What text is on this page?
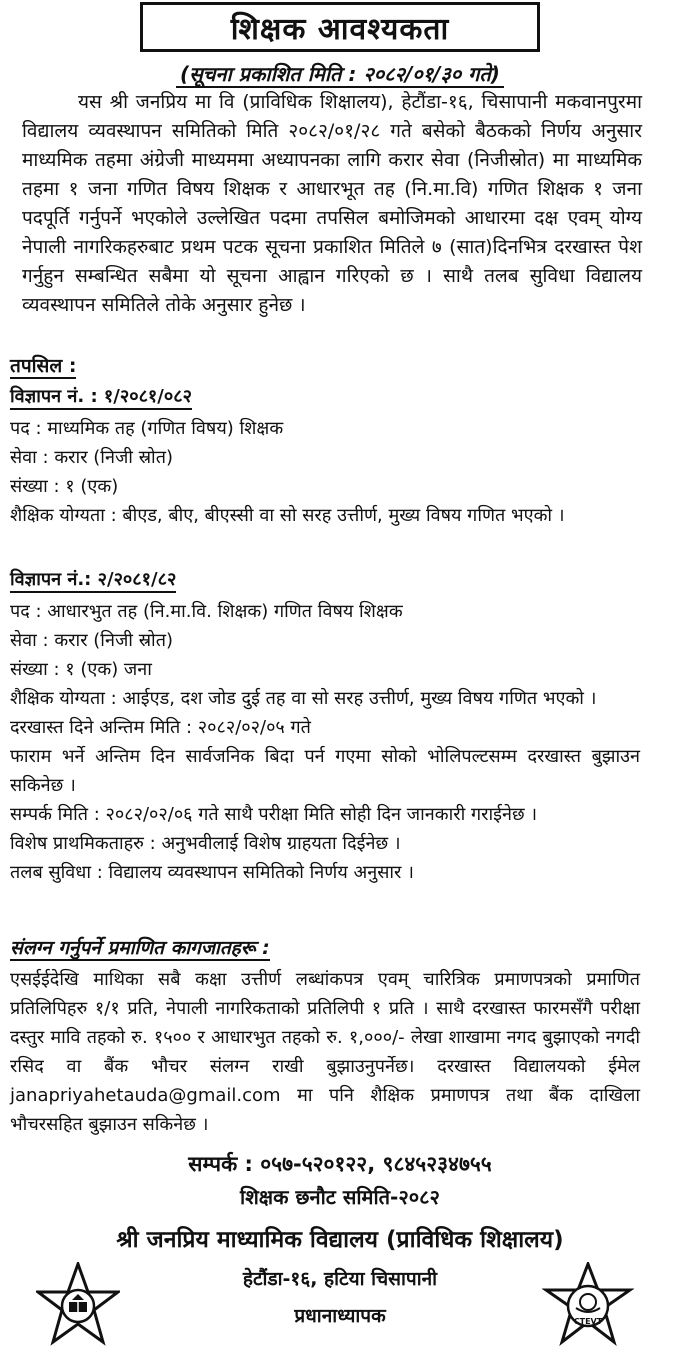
शिक्षक आवश्यकता
(सूचना प्रकाशित मिति : २०८२/०१/३० गते)

यस श्री जनप्रिय मा वि (प्राविधिक शिक्षालय), हेटौंडा-१६, चिसापानी मकवानपुरमा विद्यालय व्यवस्थापन समितिको मिति २०८२/०१/२८ गते बसेको बैठकको निर्णय अनुसार माध्यमिक तहमा अंग्रेजी माध्यममा अध्यापनका लागि करार सेवा (निजीस्रोत) मा माध्यमिक तहमा १ जना गणित विषय शिक्षक र आधारभूत तह (नि.मा.वि) गणित शिक्षक १ जना पदपूर्ति गर्नुपर्ने भएकोले उल्लेखित पदमा तपसिल बमोजिमको आधारमा दक्ष एवम् योग्य नेपाली नागरिकहरुबाट प्रथम पटक सूचना प्रकाशित मितिले ७ (सात)दिनभित्र दरखास्त पेश गर्नुहुन सम्बन्धित सबैमा यो सूचना आह्वान गरिएको छ । साथै तलब सुविधा विद्यालय व्यवस्थापन समितिले तोके अनुसार हुनेछ ।

तपसिल :
विज्ञापन नं. : १/२०८१/०८२

पद : माध्यमिक तह (गणित विषय) शिक्षक

सेवा : करार (निजी स्रोत)

संख्या : १ (एक)

शैक्षिक योग्यता : बीएड, बीए, बीएस्सी वा सो सरह उत्तीर्ण, मुख्य विषय गणित भएको ।

विज्ञापन नं.: २/२०८१/८२

पद : आधारभुत तह (नि.मा.वि. शिक्षक) गणित विषय शिक्षक

सेवा : करार (निजी स्रोत)

संख्या : १ (एक) जना

शैक्षिक योग्यता : आईएड, दश जोड दुई तह वा सो सरह उत्तीर्ण, मुख्य विषय गणित भएको ।

दरखास्त दिने अन्तिम मिति : २०८२/०२/०५ गते

फाराम भर्ने अन्तिम दिन सार्वजनिक बिदा पर्न गएमा सोको भोलिपल्टसम्म दरखास्त बुझाउन सकिनेछ ।

सम्पर्क मिति : २०८२/०२/०६ गते साथै परीक्षा मिति सोही दिन जानकारी गराईनेछ ।

विशेष प्राथमिकताहरु : अनुभवीलाई विशेष ग्राहयता दिईनेछ ।

तलब सुविधा : विद्यालय व्यवस्थापन समितिको निर्णय अनुसार ।

संलग्न गर्नुपर्ने प्रमाणित कागजातहरू :

एसईईदेखि माथिका सबै कक्षा उत्तीर्ण लब्धांकपत्र एवम् चारित्रिक प्रमाणपत्रको प्रमाणित प्रतिलिपिहरु १/१ प्रति, नेपाली नागरिकताको प्रतिलिपी १ प्रति । साथै दरखास्त फारमसँगै परीक्षा दस्तुर मावि तहको रु. १५०० र आधारभुत तहको रु. १,०००/- लेखा शाखामा नगद बुझाएको नगदी रसिद वा बैंक भौचर संलग्न राखी बुझाउनुपर्नेछ। दरखास्त विद्यालयको ईमेल janapriyahetauda@gmail.com मा पनि शैक्षिक प्रमाणपत्र तथा बैंक दाखिला भौचरसहित बुझाउन सकिनेछ ।

सम्पर्क : ०५७-५२०१२२, ९८४५२३४७५५
शिक्षक छनौट समिति-२०८२
श्री जनप्रिय माध्यामिक विद्यालय (प्राविधिक शिक्षालय)
हेटौंडा-१६, हटिया चिसापानी
प्रधानाध्यापक	CTEVT
